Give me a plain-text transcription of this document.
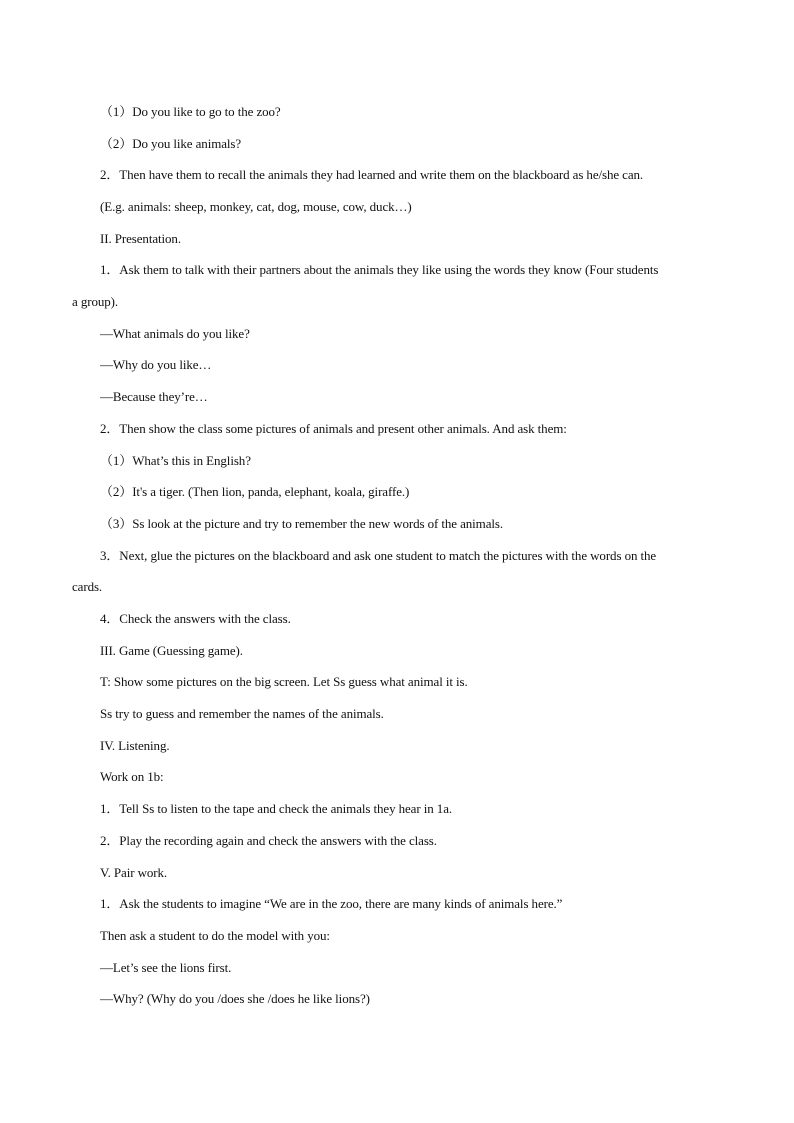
（1）Do you like to go to the zoo?
（2）Do you like animals?
2．Then have them to recall the animals they had learned and write them on the blackboard as he/she can.
(E.g. animals: sheep, monkey, cat, dog, mouse, cow, duck…)
II. Presentation.
1．Ask them to talk with their partners about the animals they like using the words they know (Four students
a group).
—What animals do you like?
—Why do you like…
—Because they’re…
2．Then show the class some pictures of animals and present other animals. And ask them:
（1）What’s this in English?
（2）It's a tiger. (Then lion, panda, elephant, koala, giraffe.)
（3）Ss look at the picture and try to remember the new words of the animals.
3．Next, glue the pictures on the blackboard and ask one student to match the pictures with the words on the
cards.
4．Check the answers with the class.
III. Game (Guessing game).
T: Show some pictures on the big screen. Let Ss guess what animal it is.
Ss try to guess and remember the names of the animals.
IV. Listening.
Work on 1b:
1．Tell Ss to listen to the tape and check the animals they hear in 1a.
2．Play the recording again and check the answers with the class.
V. Pair work.
1．Ask the students to imagine “We are in the zoo, there are many kinds of animals here.”
Then ask a student to do the model with you:
—Let’s see the lions first.
—Why? (Why do you /does she /does he like lions?)
